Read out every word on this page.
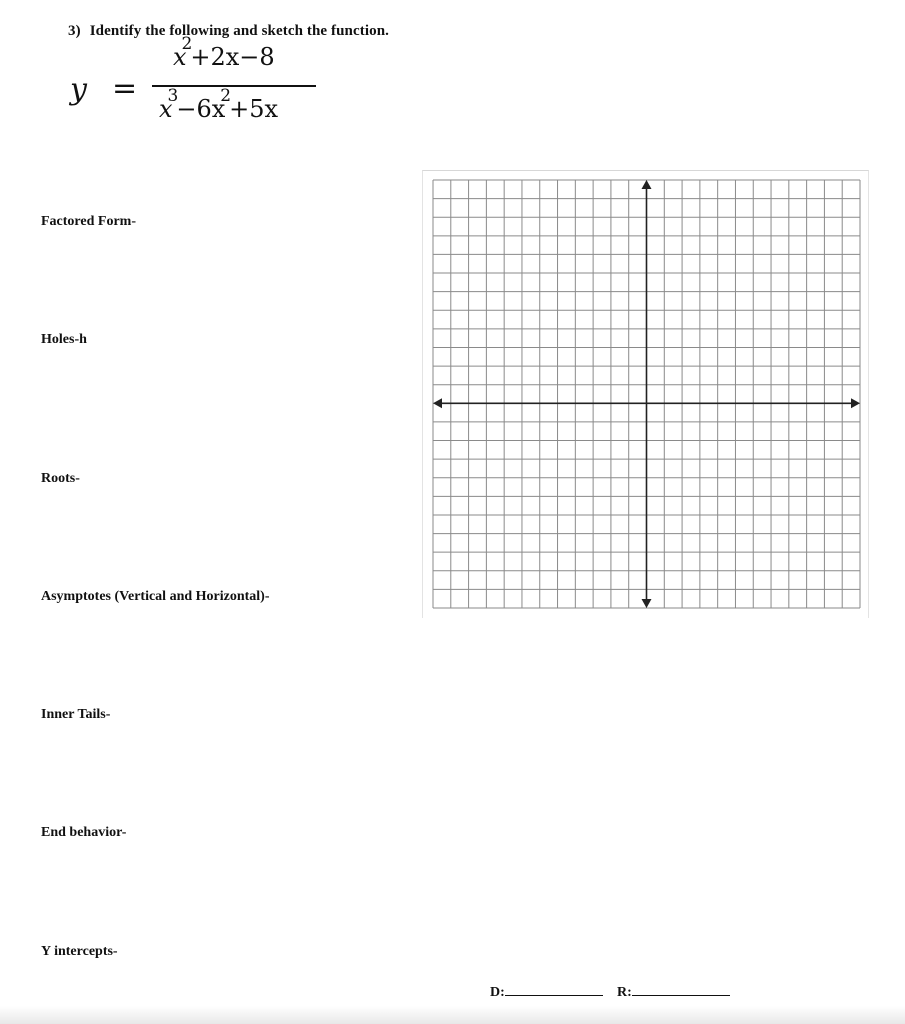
3) Identify the following and sketch the function.
y =
$x^2+2x-8$
$x^3-6x^2+5x$
Factored Form-
Holes-h
Roots-
Asymptotes (Vertical and Horizontal)-
Inner Tails-
End behavior-
Y intercepts-
D:	R:
